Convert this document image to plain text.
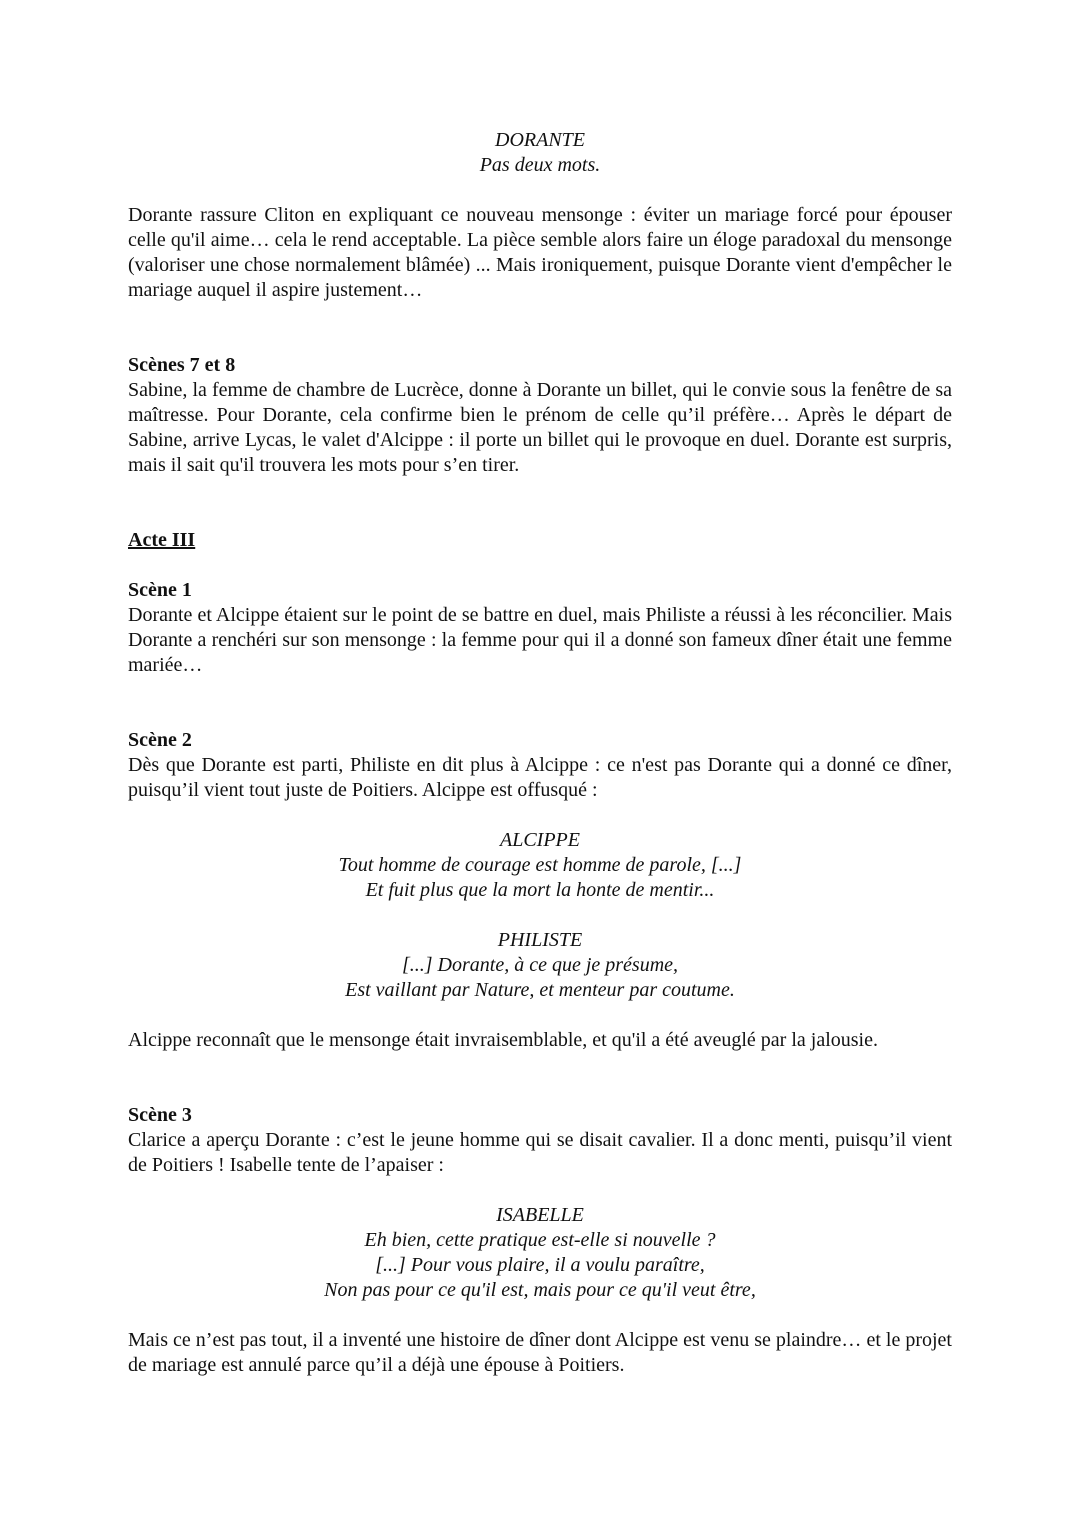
DORANTE
Pas deux mots.

Dorante rassure Cliton en expliquant ce nouveau mensonge : éviter un mariage forcé pour épouser celle qu'il aime… cela le rend acceptable. La pièce semble alors faire un éloge paradoxal du mensonge (valoriser une chose normalement blâmée) ... Mais ironiquement, puisque Dorante vient d'empêcher le mariage auquel il aspire justement…

Scènes 7 et 8

Sabine, la femme de chambre de Lucrèce, donne à Dorante un billet, qui le convie sous la fenêtre de sa maîtresse. Pour Dorante, cela confirme bien le prénom de celle qu’il préfère… Après le départ de Sabine, arrive Lycas, le valet d'Alcippe : il porte un billet qui le provoque en duel. Dorante est surpris, mais il sait qu'il trouvera les mots pour s’en tirer.

Acte III

Scène 1

Dorante et Alcippe étaient sur le point de se battre en duel, mais Philiste a réussi à les réconcilier. Mais Dorante a renchéri sur son mensonge : la femme pour qui il a donné son fameux dîner était une femme mariée…

Scène 2

Dès que Dorante est parti, Philiste en dit plus à Alcippe : ce n'est pas Dorante qui a donné ce dîner, puisqu’il vient tout juste de Poitiers. Alcippe est offusqué :

ALCIPPE
Tout homme de courage est homme de parole, [...]
Et fuit plus que la mort la honte de mentir...
PHILISTE
[...] Dorante, à ce que je présume,
Est vaillant par Nature, et menteur par coutume.

Alcippe reconnaît que le mensonge était invraisemblable, et qu'il a été aveuglé par la jalousie.

Scène 3

Clarice a aperçu Dorante : c’est le jeune homme qui se disait cavalier. Il a donc menti, puisqu’il vient de Poitiers ! Isabelle tente de l’apaiser :

ISABELLE
Eh bien, cette pratique est-elle si nouvelle ?
[...] Pour vous plaire, il a voulu paraître,
Non pas pour ce qu'il est, mais pour ce qu'il veut être,

Mais ce n’est pas tout, il a inventé une histoire de dîner dont Alcippe est venu se plaindre… et le projet de mariage est annulé parce qu’il a déjà une épouse à Poitiers.
